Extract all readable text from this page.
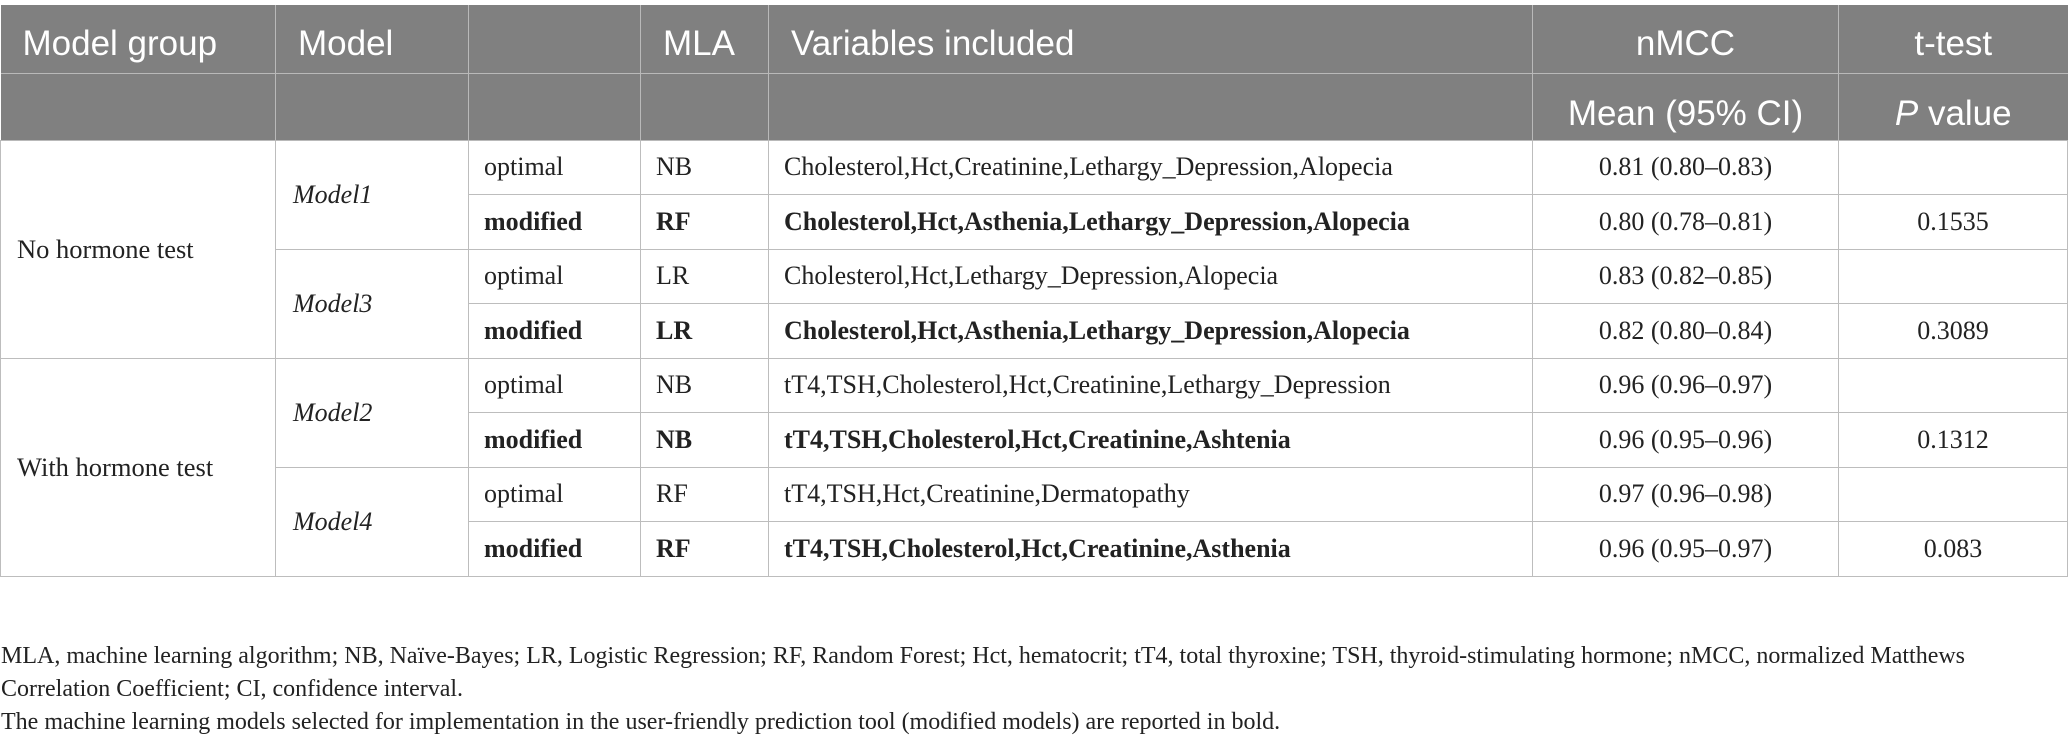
Model group	Model		MLA	Variables included	nMCC	t-test
					Mean (95% CI)	P value
No hormone test	Model1	optimal	NB	Cholesterol,Hct,Creatinine,Lethargy_Depression,Alopecia	0.81 (0.80–0.83)	
		modified	RF	Cholesterol,Hct,Asthenia,Lethargy_Depression,Alopecia	0.80 (0.78–0.81)	0.1535
	Model3	optimal	LR	Cholesterol,Hct,Lethargy_Depression,Alopecia	0.83 (0.82–0.85)	
		modified	LR	Cholesterol,Hct,Asthenia,Lethargy_Depression,Alopecia	0.82 (0.80–0.84)	0.3089
With hormone test	Model2	optimal	NB	tT4,TSH,Cholesterol,Hct,Creatinine,Lethargy_Depression	0.96 (0.96–0.97)	
		modified	NB	tT4,TSH,Cholesterol,Hct,Creatinine,Ashtenia	0.96 (0.95–0.96)	0.1312
	Model4	optimal	RF	tT4,TSH,Hct,Creatinine,Dermatopathy	0.97 (0.96–0.98)	
		modified	RF	tT4,TSH,Cholesterol,Hct,Creatinine,Asthenia	0.96 (0.95–0.97)	0.083

MLA, machine learning algorithm; NB, Naïve-Bayes; LR, Logistic Regression; RF, Random Forest; Hct, hematocrit; tT4, total thyroxine; TSH, thyroid-stimulating hormone; nMCC, normalized Matthews Correlation Coefficient; CI, confidence interval.

The machine learning models selected for implementation in the user-friendly prediction tool (modified models) are reported in bold.
